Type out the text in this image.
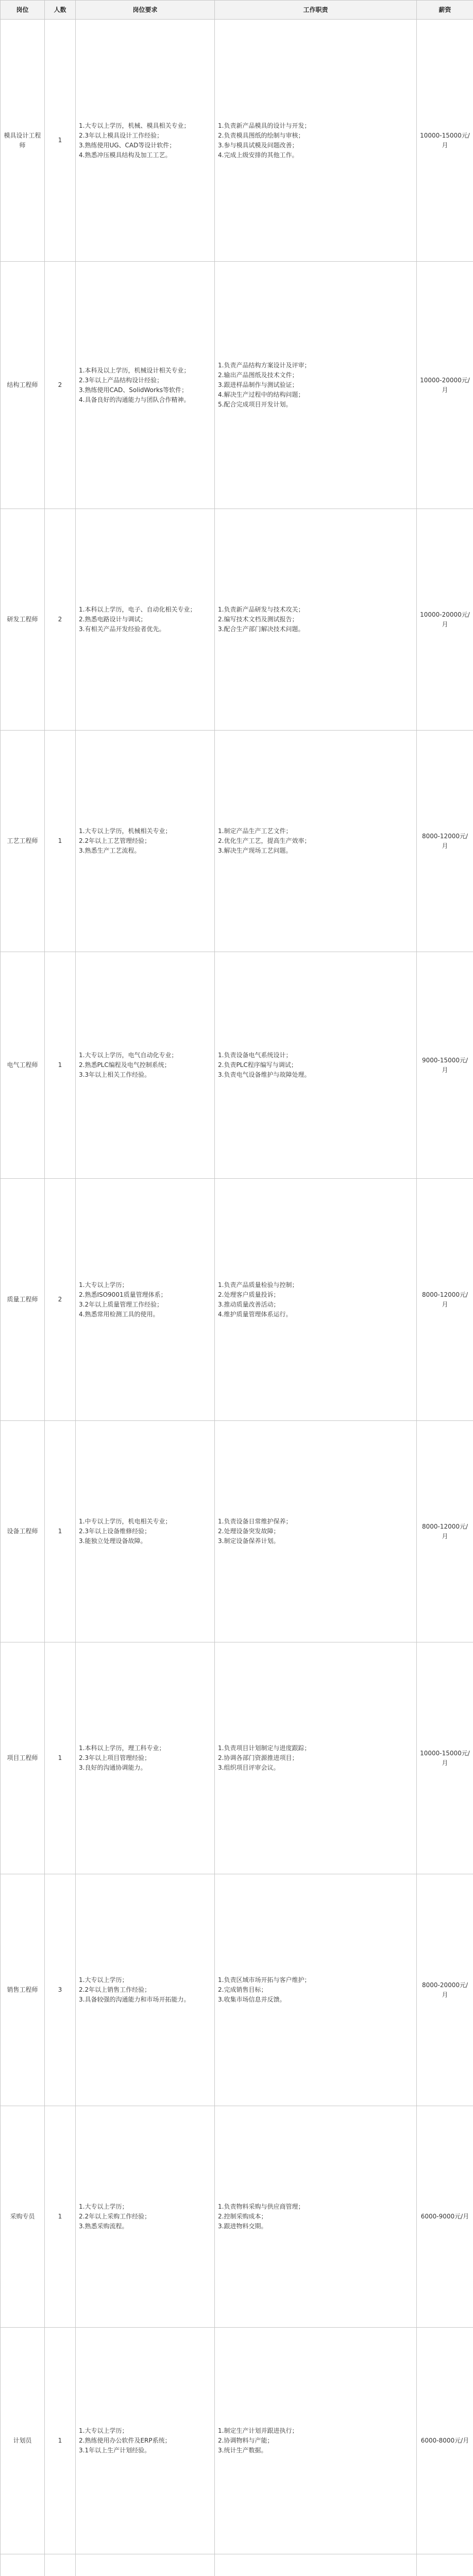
岗位	人数	岗位要求	工作职责	薪资
模具设计工程师	1	1.大专以上学历，机械、模具相关专业；
2.3年以上模具设计工作经验；
3.熟练使用UG、CAD等设计软件；
4.熟悉冲压模具结构及加工工艺。	1.负责新产品模具的设计与开发；
2.负责模具图纸的绘制与审核；
3.参与模具试模及问题改善；
4.完成上级安排的其他工作。	10000-15000元/月
结构工程师	2	1.本科及以上学历，机械设计相关专业；
2.3年以上产品结构设计经验；
3.熟练使用CAD、SolidWorks等软件；
4.具备良好的沟通能力与团队合作精神。	1.负责产品结构方案设计及评审；
2.输出产品图纸及技术文件；
3.跟进样品制作与测试验证；
4.解决生产过程中的结构问题；
5.配合完成项目开发计划。	10000-20000元/月
研发工程师	2	1.本科以上学历，电子、自动化相关专业；
2.熟悉电路设计与调试；
3.有相关产品开发经验者优先。	1.负责新产品研发与技术攻关；
2.编写技术文档及测试报告；
3.配合生产部门解决技术问题。	10000-20000元/月
工艺工程师	1	1.大专以上学历，机械相关专业；
2.2年以上工艺管理经验；
3.熟悉生产工艺流程。	1.制定产品生产工艺文件；
2.优化生产工艺，提高生产效率；
3.解决生产现场工艺问题。	8000-12000元/月
电气工程师	1	1.大专以上学历，电气自动化专业；
2.熟悉PLC编程及电气控制系统；
3.3年以上相关工作经验。	1.负责设备电气系统设计；
2.负责PLC程序编写与调试；
3.负责电气设备维护与故障处理。	9000-15000元/月
质量工程师	2	1.大专以上学历；
2.熟悉ISO9001质量管理体系；
3.2年以上质量管理工作经验；
4.熟悉常用检测工具的使用。	1.负责产品质量检验与控制；
2.处理客户质量投诉；
3.推动质量改善活动；
4.维护质量管理体系运行。	8000-12000元/月
设备工程师	1	1.中专以上学历，机电相关专业；
2.3年以上设备维修经验；
3.能独立处理设备故障。	1.负责设备日常维护保养；
2.处理设备突发故障；
3.制定设备保养计划。	8000-12000元/月
项目工程师	1	1.本科以上学历，理工科专业；
2.3年以上项目管理经验；
3.良好的沟通协调能力。	1.负责项目计划制定与进度跟踪；
2.协调各部门资源推进项目；
3.组织项目评审会议。	10000-15000元/月
销售工程师	3	1.大专以上学历；
2.2年以上销售工作经验；
3.具备较强的沟通能力和市场开拓能力。	1.负责区域市场开拓与客户维护；
2.完成销售目标；
3.收集市场信息并反馈。	8000-20000元/月
采购专员	1	1.大专以上学历；
2.2年以上采购工作经验；
3.熟悉采购流程。	1.负责物料采购与供应商管理；
2.控制采购成本；
3.跟进物料交期。	6000-9000元/月
计划员	1	1.大专以上学历；
2.熟练使用办公软件及ERP系统；
3.1年以上生产计划经验。	1.制定生产计划并跟进执行；
2.协调物料与产能；
3.统计生产数据。	6000-8000元/月
